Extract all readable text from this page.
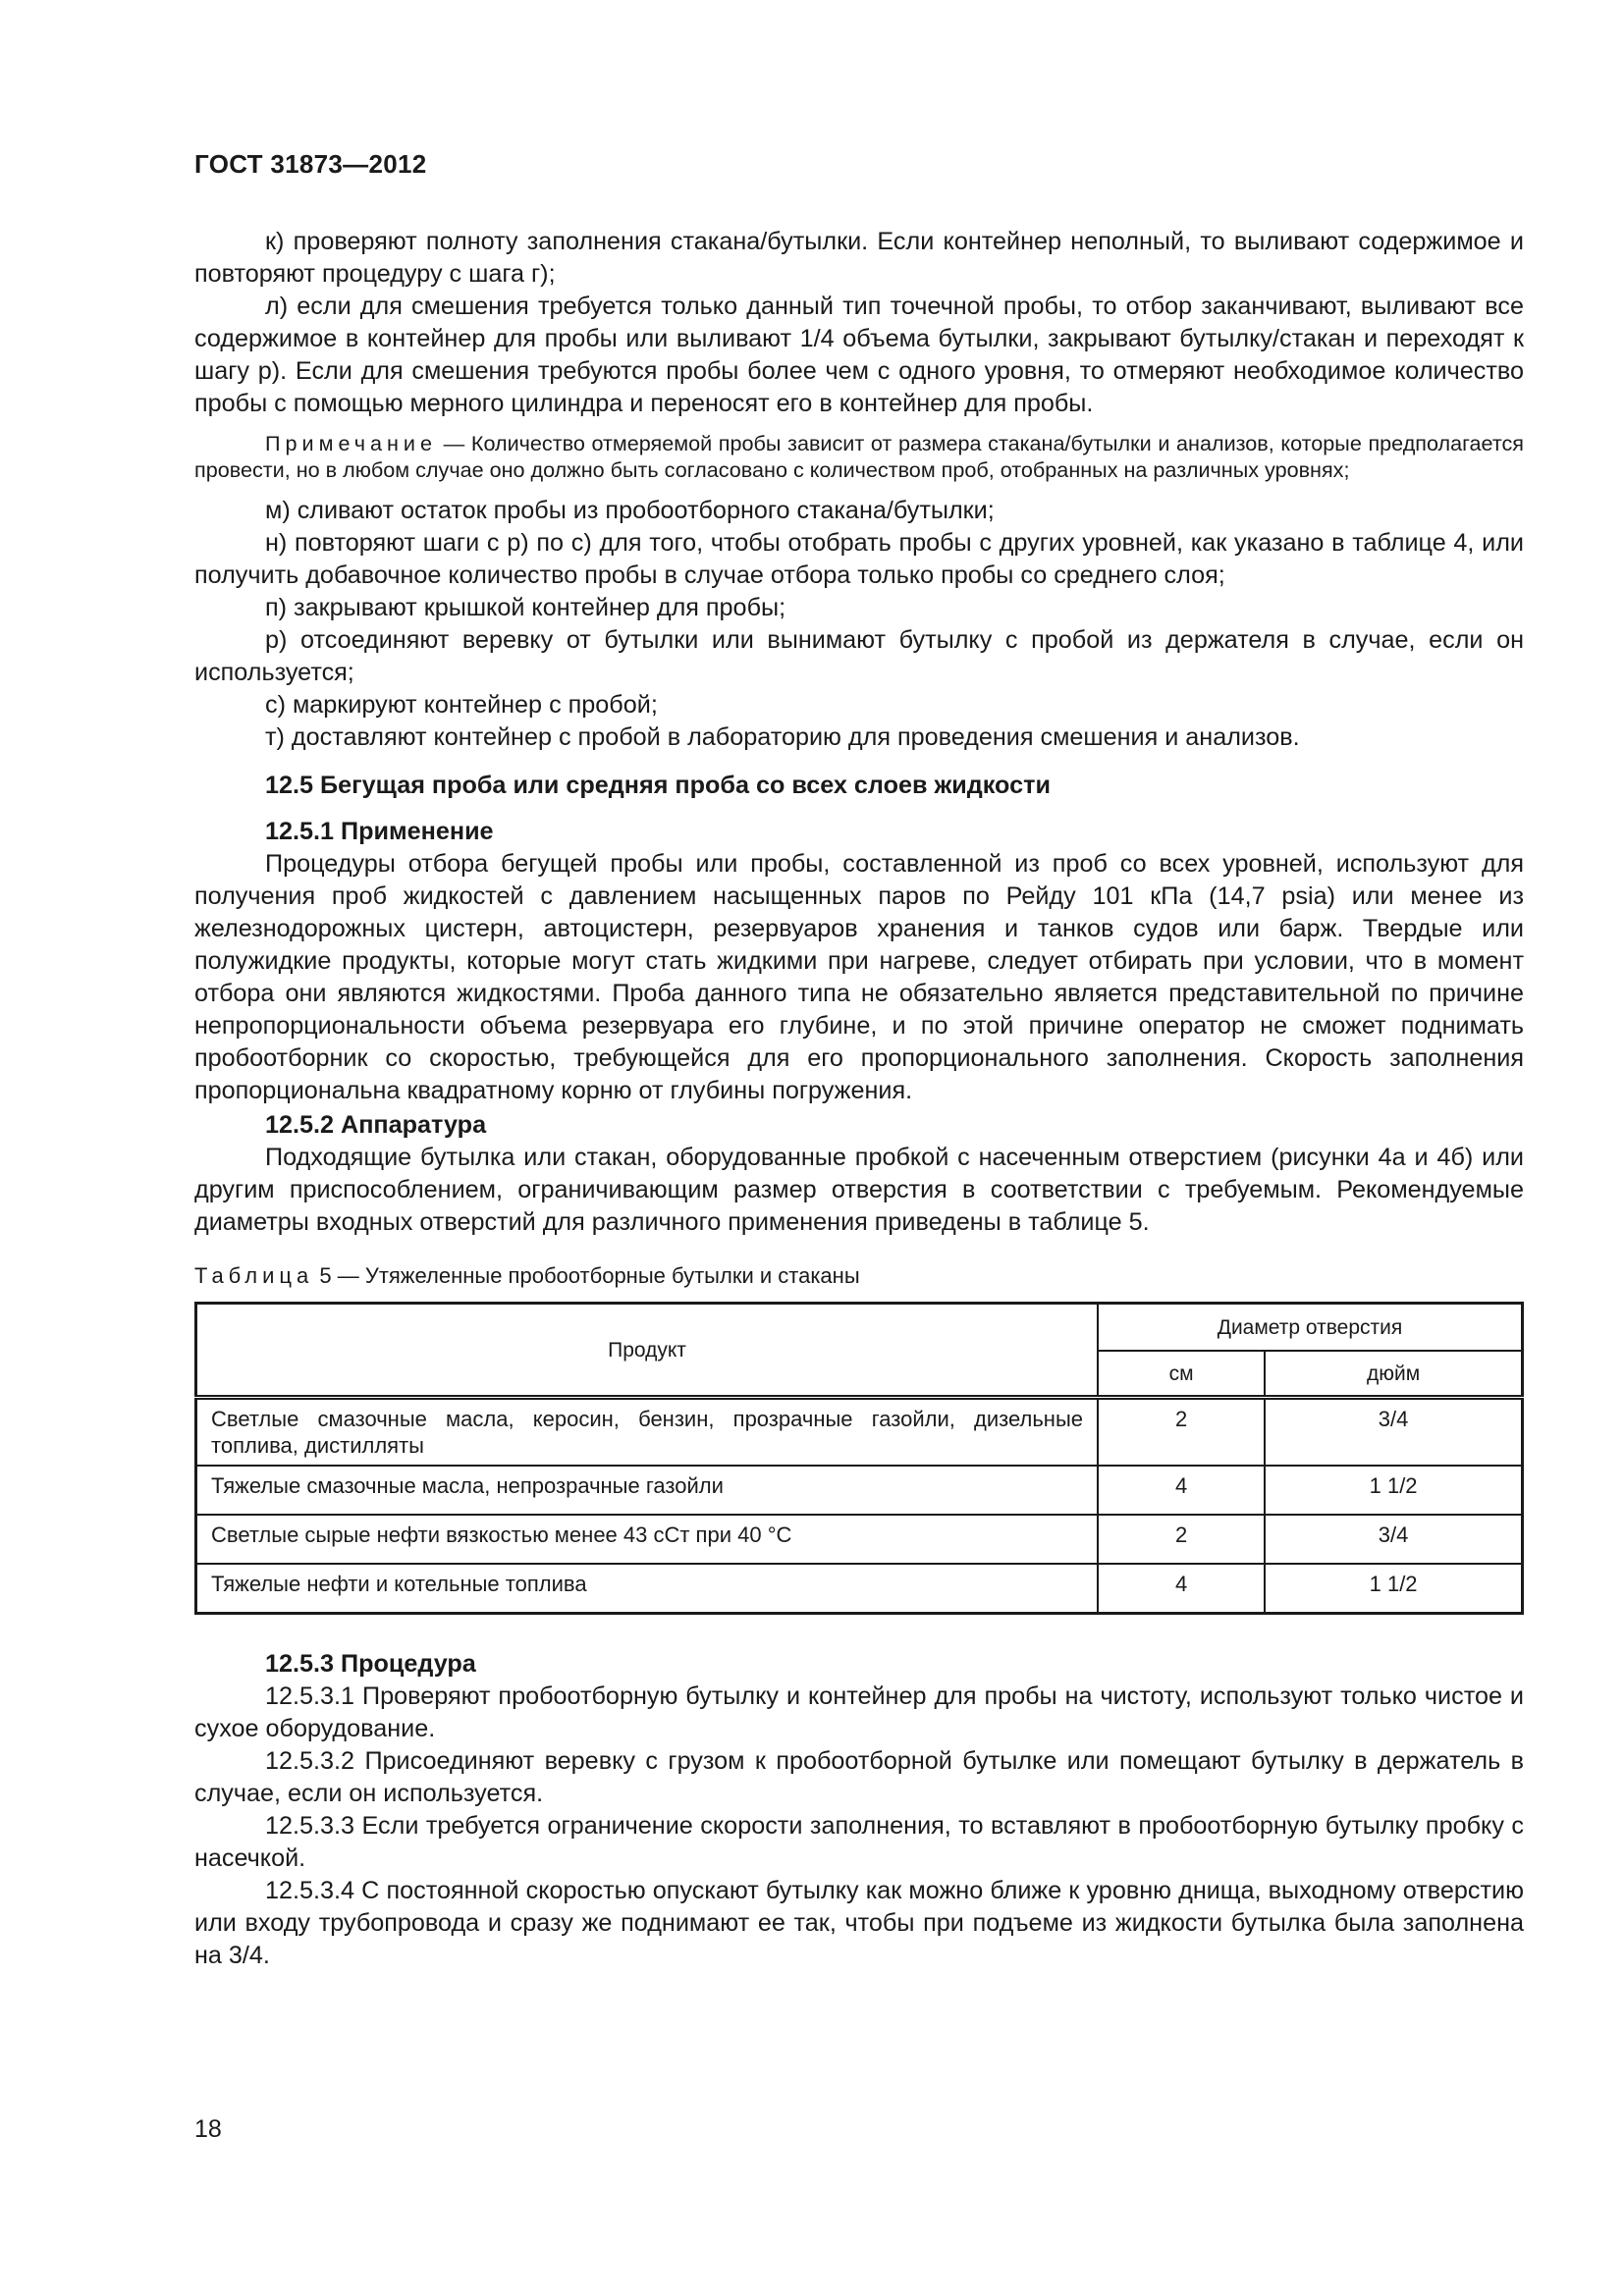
ГОСТ 31873—2012

к) проверяют полноту заполнения стакана/бутылки. Если контейнер неполный, то выливают содержимое и повторяют процедуру с шага г);

л) если для смешения требуется только данный тип точечной пробы, то отбор заканчивают, выливают все содержимое в контейнер для пробы или выливают 1/4 объема бутылки, закрывают бутылку/стакан и переходят к шагу р). Если для смешения требуются пробы более чем с одного уровня, то отмеряют необходимое количество пробы с помощью мерного цилиндра и переносят его в контейнер для пробы.

Примечание — Количество отмеряемой пробы зависит от размера стакана/бутылки и анализов, которые предполагается провести, но в любом случае оно должно быть согласовано с количеством проб, отобранных на различных уровнях;

м) сливают остаток пробы из пробоотборного стакана/бутылки;

н) повторяют шаги с р) по с) для того, чтобы отобрать пробы с других уровней, как указано в таблице 4, или получить добавочное количество пробы в случае отбора только пробы со среднего слоя;

п) закрывают крышкой контейнер для пробы;

р) отсоединяют веревку от бутылки или вынимают бутылку с пробой из держателя в случае, если он используется;

с) маркируют контейнер с пробой;

т) доставляют контейнер с пробой в лабораторию для проведения смешения и анализов.

12.5 Бегущая проба или средняя проба со всех слоев жидкости

12.5.1 Применение

Процедуры отбора бегущей пробы или пробы, составленной из проб со всех уровней, используют для получения проб жидкостей с давлением насыщенных паров по Рейду 101 кПа (14,7 psia) или менее из железнодорожных цистерн, автоцистерн, резервуаров хранения и танков судов или барж. Твердые или полужидкие продукты, которые могут стать жидкими при нагреве, следует отбирать при условии, что в момент отбора они являются жидкостями. Проба данного типа не обязательно является представительной по причине непропорциональности объема резервуара его глубине, и по этой причине оператор не сможет поднимать пробоотборник со скоростью, требующейся для его пропорционального заполнения. Скорость заполнения пропорциональна квадратному корню от глубины погружения.

12.5.2 Аппаратура

Подходящие бутылка или стакан, оборудованные пробкой с насеченным отверстием (рисунки 4а и 4б) или другим приспособлением, ограничивающим размер отверстия в соответствии с требуемым. Рекомендуемые диаметры входных отверстий для различного применения приведены в таблице 5.

Таблица 5 — Утяжеленные пробоотборные бутылки и стаканы

Продукт	Диаметр отверстия	
	см	дюйм
Светлые смазочные масла, керосин, бензин, прозрачные газойли, дизельные топлива, дистилляты	2	3/4
Тяжелые смазочные масла, непрозрачные газойли	4	1 1/2
Светлые сырые нефти вязкостью менее 43 сСт при 40 °С	2	3/4
Тяжелые нефти и котельные топлива	4	1 1/2

12.5.3 Процедура

12.5.3.1 Проверяют пробоотборную бутылку и контейнер для пробы на чистоту, используют только чистое и сухое оборудование.

12.5.3.2 Присоединяют веревку с грузом к пробоотборной бутылке или помещают бутылку в держатель в случае, если он используется.

12.5.3.3 Если требуется ограничение скорости заполнения, то вставляют в пробоотборную бутылку пробку с насечкой.

12.5.3.4 С постоянной скоростью опускают бутылку как можно ближе к уровню днища, выходному отверстию или входу трубопровода и сразу же поднимают ее так, чтобы при подъеме из жидкости бутылка была заполнена на 3/4.

18
